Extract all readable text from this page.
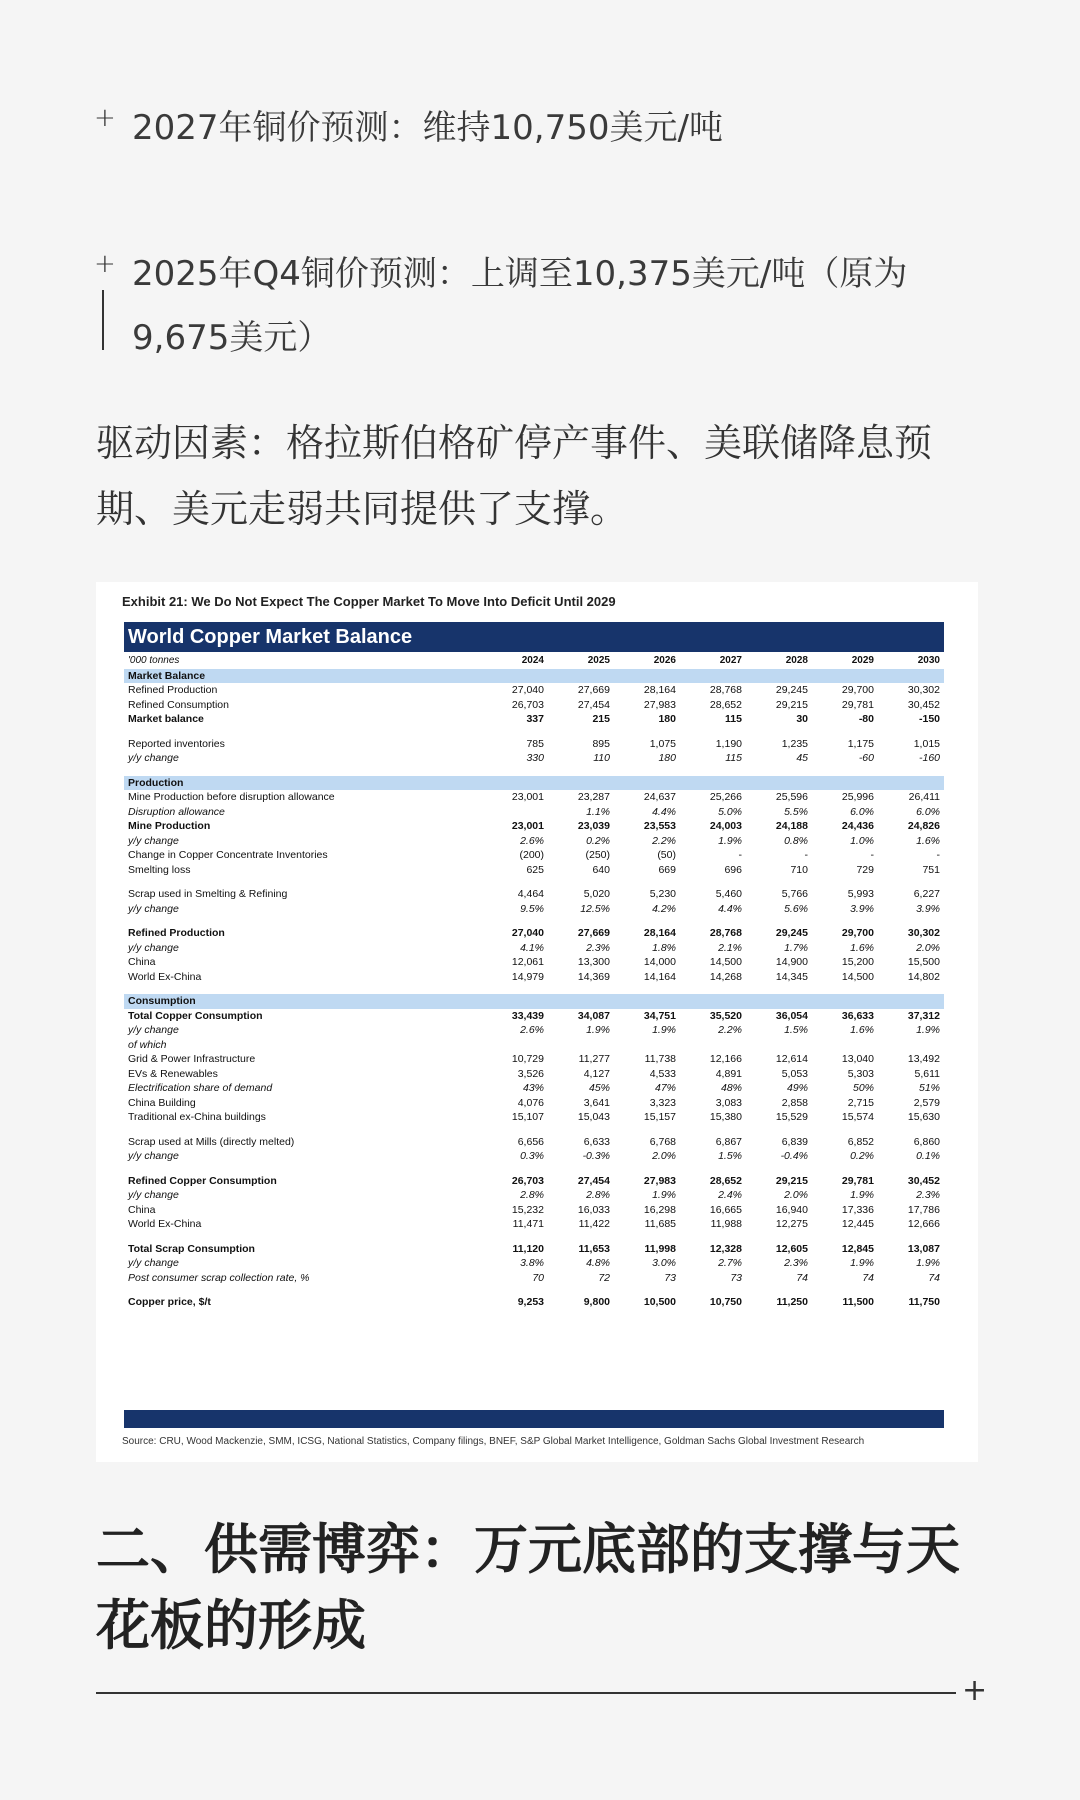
+ 2027年铜价预测：维持10,750美元/吨
+ 2025年Q4铜价预测：上调至10,375美元/吨（原为9,675美元）
驱动因素：格拉斯伯格矿停产事件、美联储降息预期、美元走弱共同提供了支撑。
Exhibit 21: We Do Not Expect The Copper Market To Move Into Deficit Until 2029
World Copper Market Balance
'000 tonnes	2024	2025	2026	2027	2028	2029	2030
Market Balance							
Refined Production	27,040	27,669	28,164	28,768	29,245	29,700	30,302
Refined Consumption	26,703	27,454	27,983	28,652	29,215	29,781	30,452
Market balance	337	215	180	115	30	-80	-150

Reported inventories	785	895	1,075	1,190	1,235	1,175	1,015
y/y change	330	110	180	115	45	-60	-160

Production							
Mine Production before disruption allowance	23,001	23,287	24,637	25,266	25,596	25,996	26,411
Disruption allowance		1.1%	4.4%	5.0%	5.5%	6.0%	6.0%
Mine Production	23,001	23,039	23,553	24,003	24,188	24,436	24,826
y/y change	2.6%	0.2%	2.2%	1.9%	0.8%	1.0%	1.6%
Change in Copper Concentrate Inventories	(200)	(250)	(50)	-	-	-	-
Smelting loss	625	640	669	696	710	729	751

Scrap used in Smelting & Refining	4,464	5,020	5,230	5,460	5,766	5,993	6,227
y/y change	9.5%	12.5%	4.2%	4.4%	5.6%	3.9%	3.9%

Refined Production	27,040	27,669	28,164	28,768	29,245	29,700	30,302
y/y change	4.1%	2.3%	1.8%	2.1%	1.7%	1.6%	2.0%
China	12,061	13,300	14,000	14,500	14,900	15,200	15,500
World Ex-China	14,979	14,369	14,164	14,268	14,345	14,500	14,802

Consumption							
Total Copper Consumption	33,439	34,087	34,751	35,520	36,054	36,633	37,312
y/y change	2.6%	1.9%	1.9%	2.2%	1.5%	1.6%	1.9%
of which							
Grid & Power Infrastructure	10,729	11,277	11,738	12,166	12,614	13,040	13,492
EVs & Renewables	3,526	4,127	4,533	4,891	5,053	5,303	5,611
Electrification share of demand	43%	45%	47%	48%	49%	50%	51%
China Building	4,076	3,641	3,323	3,083	2,858	2,715	2,579
Traditional ex-China buildings	15,107	15,043	15,157	15,380	15,529	15,574	15,630

Scrap used at Mills (directly melted)	6,656	6,633	6,768	6,867	6,839	6,852	6,860
y/y change	0.3%	-0.3%	2.0%	1.5%	-0.4%	0.2%	0.1%

Refined Copper Consumption	26,703	27,454	27,983	28,652	29,215	29,781	30,452
y/y change	2.8%	2.8%	1.9%	2.4%	2.0%	1.9%	2.3%
China	15,232	16,033	16,298	16,665	16,940	17,336	17,786
World Ex-China	11,471	11,422	11,685	11,988	12,275	12,445	12,666

Total Scrap Consumption	11,120	11,653	11,998	12,328	12,605	12,845	13,087
y/y change	3.8%	4.8%	3.0%	2.7%	2.3%	1.9%	1.9%
Post consumer scrap collection rate, %	70	72	73	73	74	74	74

Copper price, $/t	9,253	9,800	10,500	10,750	11,250	11,500	11,750
Source: CRU, Wood Mackenzie, SMM, ICSG, National Statistics, Company filings, BNEF, S&P Global Market Intelligence, Goldman Sachs Global Investment Research
二、供需博弈：万元底部的支撑与天花板的形成
+
